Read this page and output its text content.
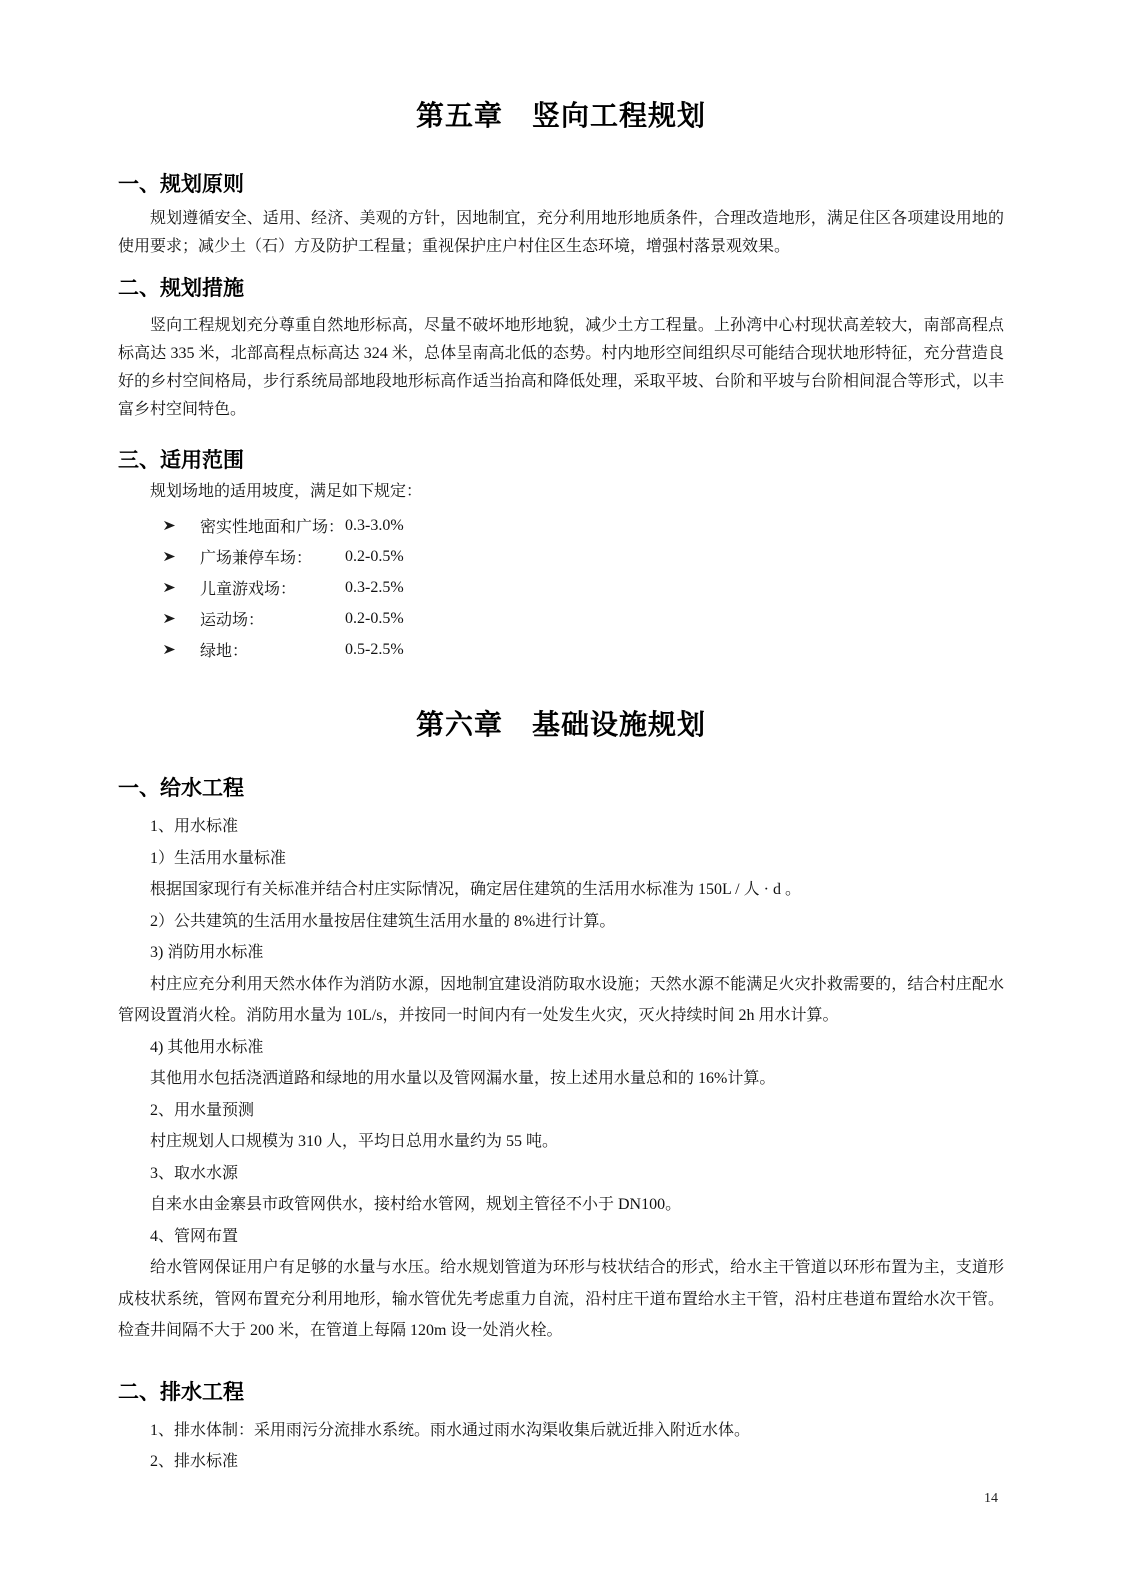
第五章　竖向工程规划
一、规划原则

规划遵循安全、适用、经济、美观的方针，因地制宜，充分利用地形地质条件，合理改造地形，满足住区各项建设用地的使用要求；减少土（石）方及防护工程量；重视保护庄户村住区生态环境，增强村落景观效果。

二、规划措施

竖向工程规划充分尊重自然地形标高，尽量不破坏地形地貌，减少土方工程量。上孙湾中心村现状高差较大，南部高程点标高达 335 米，北部高程点标高达 324 米，总体呈南高北低的态势。村内地形空间组织尽可能结合现状地形特征，充分营造良好的乡村空间格局，步行系统局部地段地形标高作适当抬高和降低处理，采取平坡、台阶和平坡与台阶相间混合等形式，以丰富乡村空间特色。

三、适用范围

规划场地的适用坡度，满足如下规定：

密实性地面和广场： 0.3-3.0%
广场兼停车场：	0.2-0.5%
儿童游戏场：	0.3-2.5%
运动场：	0.2-0.5%
绿地：	0.5-2.5%
第六章　基础设施规划
一、给水工程

1、用水标准

1）生活用水量标准

根据国家现行有关标准并结合村庄实际情况，确定居住建筑的生活用水标准为 150L / 人 · d 。

2）公共建筑的生活用水量按居住建筑生活用水量的 8%进行计算。

3) 消防用水标准

村庄应充分利用天然水体作为消防水源，因地制宜建设消防取水设施；天然水源不能满足火灾扑救需要的，结合村庄配水管网设置消火栓。消防用水量为 10L/s，并按同一时间内有一处发生火灾，灭火持续时间 2h 用水计算。

4) 其他用水标准

其他用水包括浇洒道路和绿地的用水量以及管网漏水量，按上述用水量总和的 16%计算。

2、用水量预测

村庄规划人口规模为 310 人，平均日总用水量约为 55 吨。

3、取水水源

自来水由金寨县市政管网供水，接村给水管网，规划主管径不小于 DN100。

4、管网布置

给水管网保证用户有足够的水量与水压。给水规划管道为环形与枝状结合的形式，给水主干管道以环形布置为主，支道形成枝状系统，管网布置充分利用地形，输水管优先考虑重力自流，沿村庄干道布置给水主干管，沿村庄巷道布置给水次干管。检查井间隔不大于 200 米，在管道上每隔 120m 设一处消火栓。

二、排水工程

1、排水体制：采用雨污分流排水系统。雨水通过雨水沟渠收集后就近排入附近水体。

2、排水标准

14
